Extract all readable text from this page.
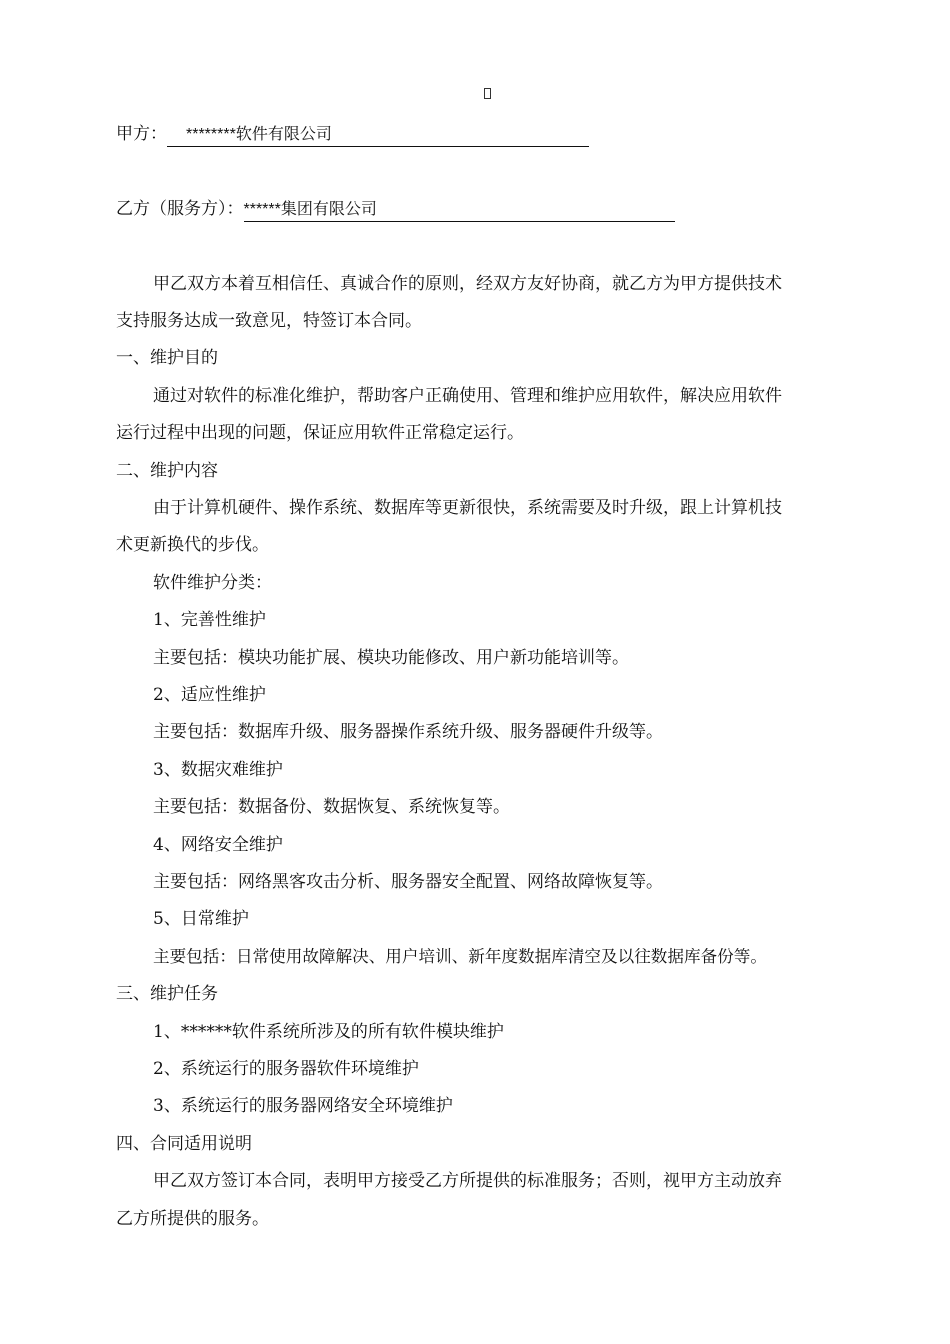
甲方： ********软件有限公司
乙方（服务方）：******集团有限公司
甲乙双方本着互相信任、真诚合作的原则，经双方友好协商，就乙方为甲方提供技术
支持服务达成一致意见，特签订本合同。
一、维护目的
通过对软件的标准化维护，帮助客户正确使用、管理和维护应用软件，解决应用软件
运行过程中出现的问题，保证应用软件正常稳定运行。
二、维护内容
由于计算机硬件、操作系统、数据库等更新很快，系统需要及时升级，跟上计算机技
术更新换代的步伐。
软件维护分类：
1、完善性维护
主要包括：模块功能扩展、模块功能修改、用户新功能培训等。
2、适应性维护
主要包括：数据库升级、服务器操作系统升级、服务器硬件升级等。
3、数据灾难维护
主要包括：数据备份、数据恢复、系统恢复等。
4、网络安全维护
主要包括：网络黑客攻击分析、服务器安全配置、网络故障恢复等。
5、日常维护
主要包括：日常使用故障解决、用户培训、新年度数据库清空及以往数据库备份等。
三、维护任务
1、******软件系统所涉及的所有软件模块维护
2、系统运行的服务器软件环境维护
3、系统运行的服务器网络安全环境维护
四、合同适用说明
甲乙双方签订本合同，表明甲方接受乙方所提供的标准服务；否则，视甲方主动放弃
乙方所提供的服务。
